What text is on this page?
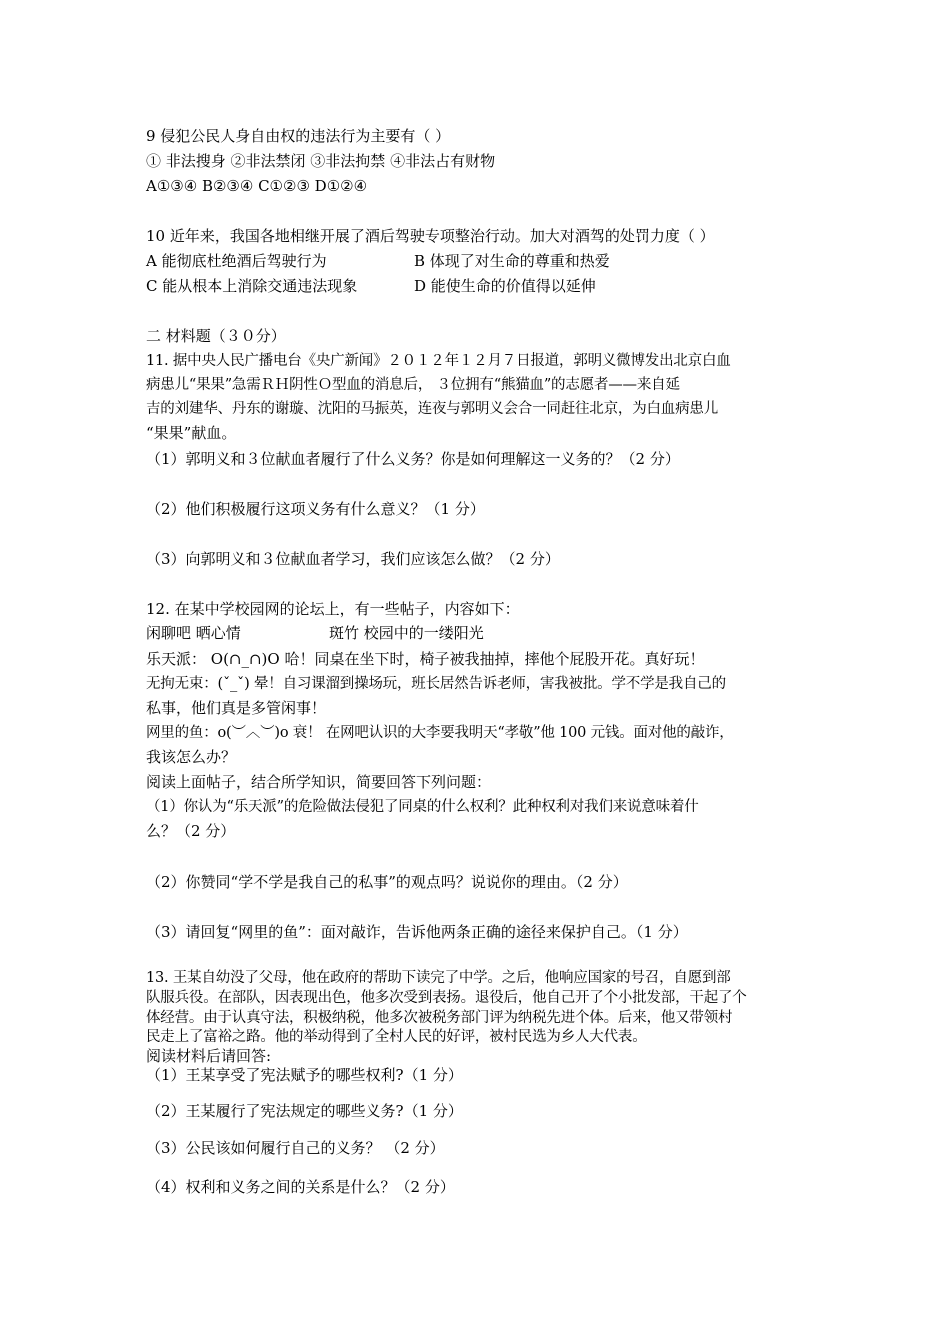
9 侵犯公民人身自由权的违法行为主要有（ ）
① 非法搜身 ②非法禁闭 ③非法拘禁 ④非法占有财物
A①③④ B②③④ C①②③ D①②④
10 近年来，我国各地相继开展了酒后驾驶专项整治行动。加大对酒驾的处罚力度（ ）
A 能彻底杜绝酒后驾驶行为	B 体现了对生命的尊重和热爱
C 能从根本上消除交通违法现象	D 能使生命的价值得以延伸
二 材料题（３０分）
11. 据中央人民广播电台《央广新闻》２０１２年１２月７日报道，郭明义微博发出北京白血
病患儿“果果”急需ＲＨ阴性Ｏ型血的消息后， ３位拥有“熊猫血”的志愿者——来自延
吉的刘建华、丹东的谢璇、沈阳的马振英，连夜与郭明义会合一同赶往北京，为白血病患儿
“果果”献血。
（1）郭明义和３位献血者履行了什么义务？你是如何理解这一义务的？（2 分）
（2）他们积极履行这项义务有什么意义？（1 分）
（3）向郭明义和３位献血者学习，我们应该怎么做？（2 分）
12. 在某中学校园网的论坛上，有一些帖子，内容如下：
闲聊吧 晒心情	斑竹 校园中的一缕阳光
乐天派： O(∩_∩)O 哈！同桌在坐下时，椅子被我抽掉，摔他个屁股开花。真好玩！
无拘无束：(ˇ_ˇ) 晕！自习课溜到操场玩，班长居然告诉老师，害我被批。学不学是我自己的
私事，他们真是多管闲事！
网里的鱼：o(︶︿︶)o 衰！ 在网吧认识的大李要我明天“孝敬”他 100 元钱。面对他的敲诈，
我该怎么办？
阅读上面帖子，结合所学知识，简要回答下列问题：
（1）你认为“乐天派”的危险做法侵犯了同桌的什么权利？此种权利对我们来说意味着什
么？（2 分）
（2）你赞同“学不学是我自己的私事”的观点吗？说说你的理由。（2 分）
（3）请回复“网里的鱼”：面对敲诈，告诉他两条正确的途径来保护自己。（1 分）
13. 王某自幼没了父母，他在政府的帮助下读完了中学。之后，他响应国家的号召，自愿到部
队服兵役。在部队，因表现出色，他多次受到表扬。退役后，他自己开了个小批发部，干起了个
体经营。由于认真守法，积极纳税，他多次被税务部门评为纳税先进个体。后来，他又带领村
民走上了富裕之路。他的举动得到了全村人民的好评，被村民选为乡人大代表。
阅读材料后请回答:
（1）王某享受了宪法赋予的哪些权利?（1 分）
（2）王某履行了宪法规定的哪些义务?（1 分）
（3）公民该如何履行自己的义务？ （2 分）
（4）权利和义务之间的关系是什么？（2 分）
